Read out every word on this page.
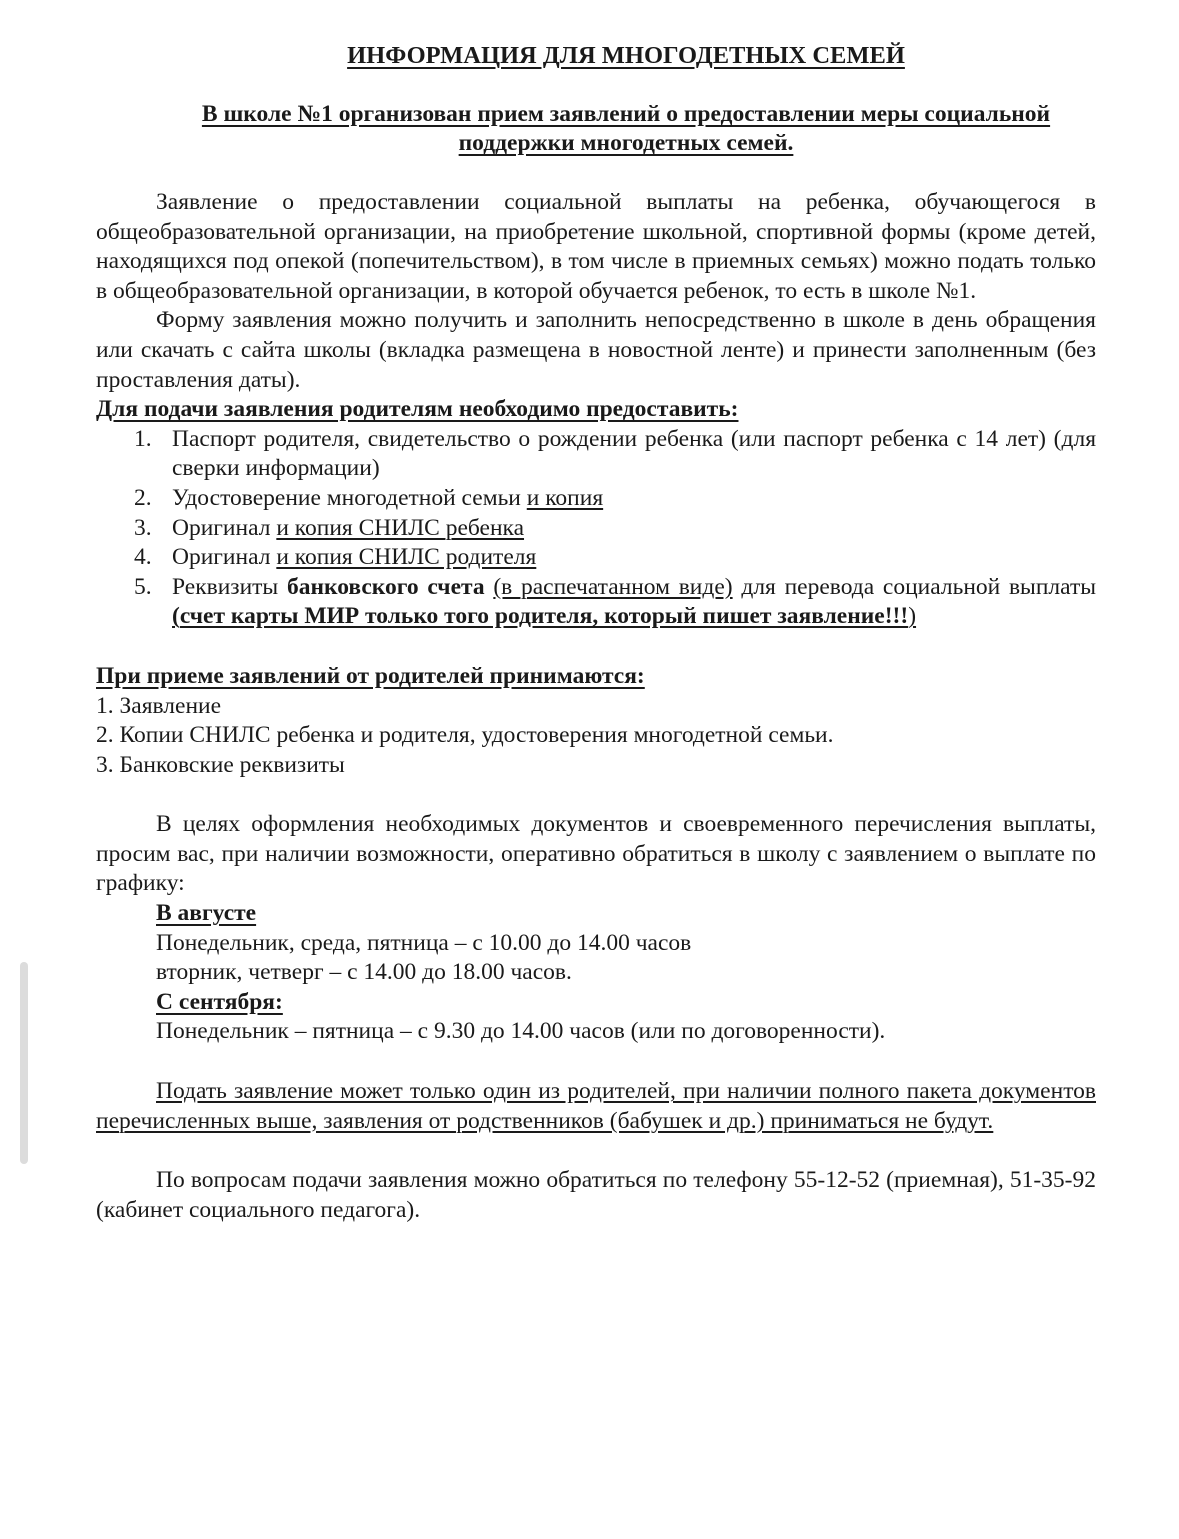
ИНФОРМАЦИЯ ДЛЯ МНОГОДЕТНЫХ СЕМЕЙ
В школе №1 организован прием заявлений о предоставлении меры социальной поддержки многодетных семей.

Заявление о предоставлении социальной выплаты на ребенка, обучающегося в общеобразовательной организации, на приобретение школьной, спортивной формы (кроме детей, находящихся под опекой (попечительством), в том числе в приемных семьях) можно подать только в общеобразовательной организации, в которой обучается ребенок, то есть в школе №1.

Форму заявления можно получить и заполнить непосредственно в школе в день обращения или скачать с сайта школы (вкладка размещена в новостной ленте) и принести заполненным (без проставления даты).

Для подачи заявления родителям необходимо предоставить:

1. Паспорт родителя, свидетельство о рождении ребенка (или паспорт ребенка с 14 лет) (для сверки информации)
2. Удостоверение многодетной семьи и копия
3. Оригинал и копия СНИЛС ребенка
4. Оригинал и копия СНИЛС родителя
5. Реквизиты банковского счета (в распечатанном виде) для перевода социальной выплаты (счет карты МИР только того родителя, который пишет заявление!!!)

При приеме заявлений от родителей принимаются:

1. Заявление

2. Копии СНИЛС ребенка и родителя, удостоверения многодетной семьи.

3. Банковские реквизиты

В целях оформления необходимых документов и своевременного перечисления выплаты, просим вас, при наличии возможности, оперативно обратиться в школу с заявлением о выплате по графику:

В августе

Понедельник, среда, пятница – с 10.00 до 14.00 часов

вторник, четверг – с 14.00 до 18.00 часов.

С сентября:

Понедельник – пятница – с 9.30 до 14.00 часов (или по договоренности).

Подать заявление может только один из родителей, при наличии полного пакета документов перечисленных выше, заявления от родственников (бабушек и др.) приниматься не будут.

По вопросам подачи заявления можно обратиться по телефону 55-12-52 (приемная), 51-35-92 (кабинет социального педагога).
